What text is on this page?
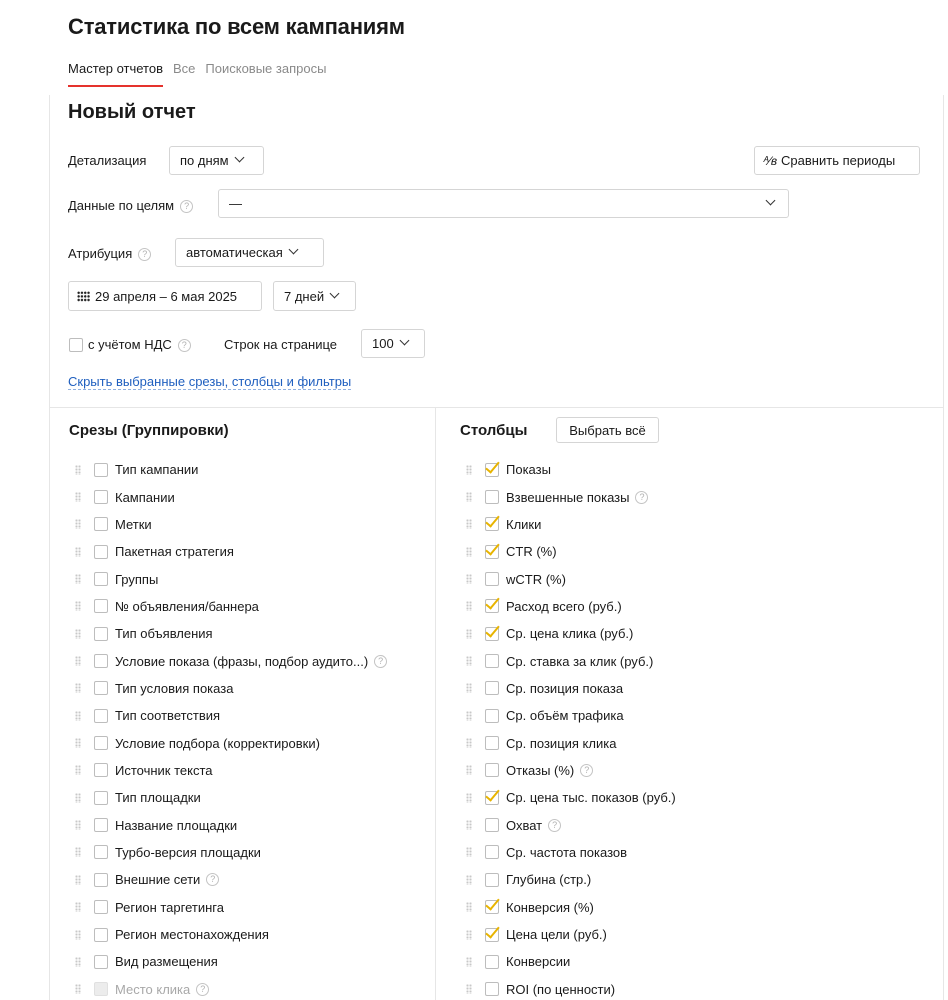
Статистика по всем кампаниям
Мастер отчетов Все Поисковые запросы
Новый отчет
Детализация	по дням	ᴬ⁄ʙ Сравнить периоды
Данные по целям ?	—
Атрибуция ?	автоматическая
29 апреля – 6 мая 2025	7 дней
с учётом НДС ?	Строк на странице	100
Скрыть выбранные срезы, столбцы и фильтры
Срезы (Группировки)
Тип кампании
Кампании
Метки
Пакетная стратегия
Группы
№ объявления/баннера
Тип объявления
Условие показа (фразы, подбор аудито...)	?
Тип условия показа
Тип соответствия
Условие подбора (корректировки)
Источник текста
Тип площадки
Название площадки
Турбо-версия площадки
Внешние сети	?
Регион таргетинга
Регион местонахождения
Вид размещения
Место клика	?
Столбцы	Выбрать всё
Показы
Взвешенные показы	?
Клики
CTR (%)
wCTR (%)
Расход всего (руб.)
Ср. цена клика (руб.)
Ср. ставка за клик (руб.)
Ср. позиция показа
Ср. объём трафика
Ср. позиция клика
Отказы (%)	?
Ср. цена тыс. показов (руб.)
Охват	?
Ср. частота показов
Глубина (стр.)
Конверсия (%)
Цена цели (руб.)
Конверсии
ROI (по ценности)
